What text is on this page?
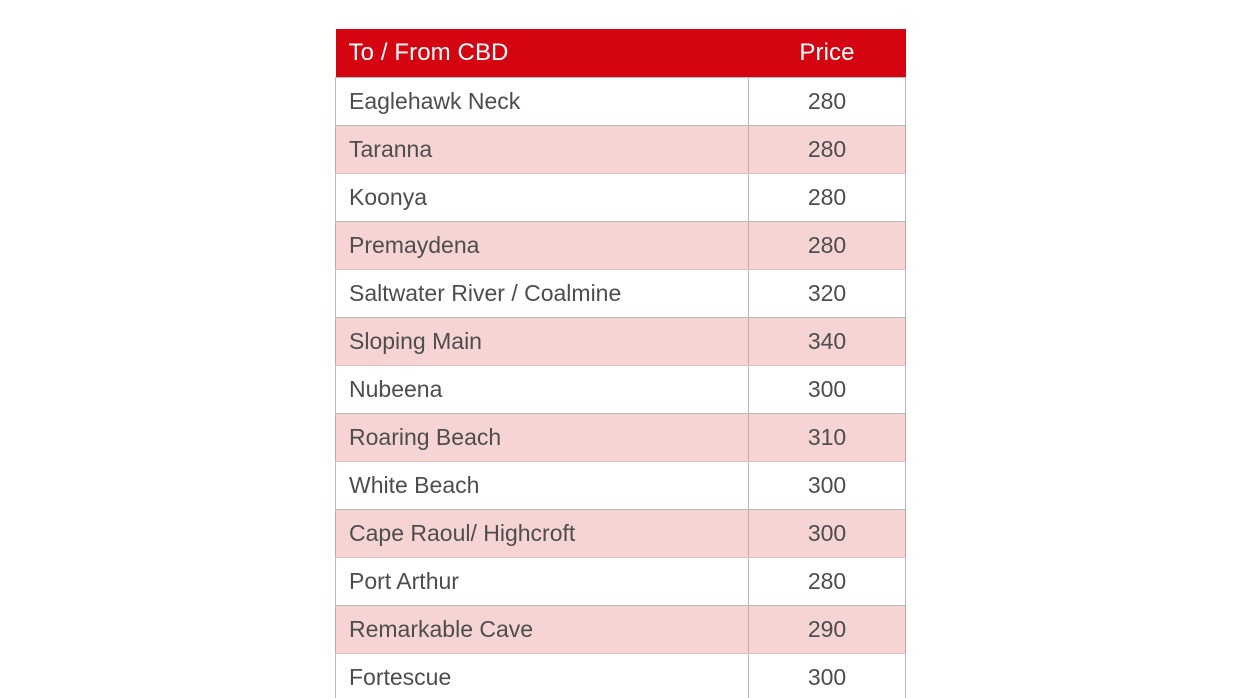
To / From CBD	Price
Eaglehawk Neck	280
Taranna	280
Koonya	280
Premaydena	280
Saltwater River / Coalmine	320
Sloping Main	340
Nubeena	300
Roaring Beach	310
White Beach	300
Cape Raoul/ Highcroft	300
Port Arthur	280
Remarkable Cave	290
Fortescue	300
